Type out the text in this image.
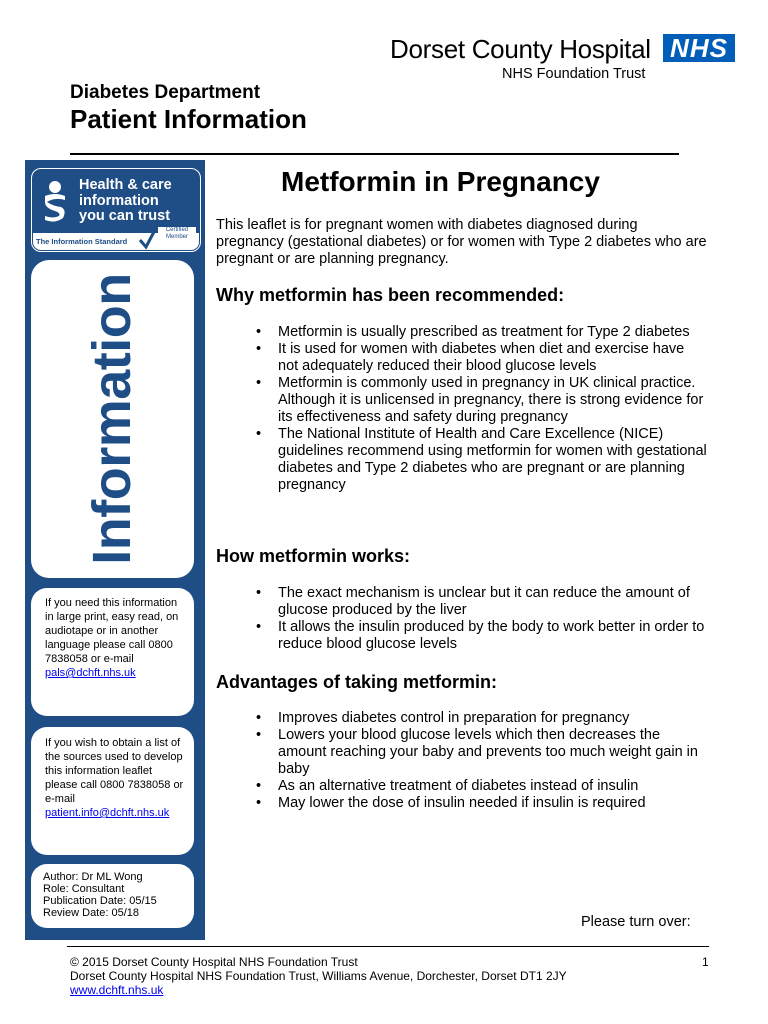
Dorset County Hospital
NHS Foundation Trust
NHS
Diabetes Department
Patient Information
Health & care
information
you can trust
The Information Standard
Certified Member
Information
If you need this information in large print, easy read, on audiotape or in another language please call 0800 7838058 or e-mail pals@dchft.nhs.uk
If you wish to obtain a list of the sources used to develop this information leaflet please call 0800 7838058 or e-mail
patient.info@dchft.nhs.uk
Author: Dr ML Wong
Role: Consultant
Publication Date: 05/15
Review Date: 05/18
Metformin in Pregnancy
This leaflet is for pregnant women with diabetes diagnosed during pregnancy (gestational diabetes) or for women with Type 2 diabetes who are pregnant or are planning pregnancy.
Why metformin has been recommended:
• Metformin is usually prescribed as treatment for Type 2 diabetes
• It is used for women with diabetes when diet and exercise have not adequately reduced their blood glucose levels
• Metformin is commonly used in pregnancy in UK clinical practice. Although it is unlicensed in pregnancy, there is strong evidence for its effectiveness and safety during pregnancy
• The National Institute of Health and Care Excellence (NICE) guidelines recommend using metformin for women with gestational diabetes and Type 2 diabetes who are pregnant or are planning pregnancy
How metformin works:
• The exact mechanism is unclear but it can reduce the amount of glucose produced by the liver
• It allows the insulin produced by the body to work better in order to reduce blood glucose levels
Advantages of taking metformin:
• Improves diabetes control in preparation for pregnancy
• Lowers your blood glucose levels which then decreases the amount reaching your baby and prevents too much weight gain in baby
• As an alternative treatment of diabetes instead of insulin
• May lower the dose of insulin needed if insulin is required
Please turn over:
© 2015 Dorset County Hospital NHS Foundation Trust	1
Dorset County Hospital NHS Foundation Trust, Williams Avenue, Dorchester, Dorset DT1 2JY
www.dchft.nhs.uk
